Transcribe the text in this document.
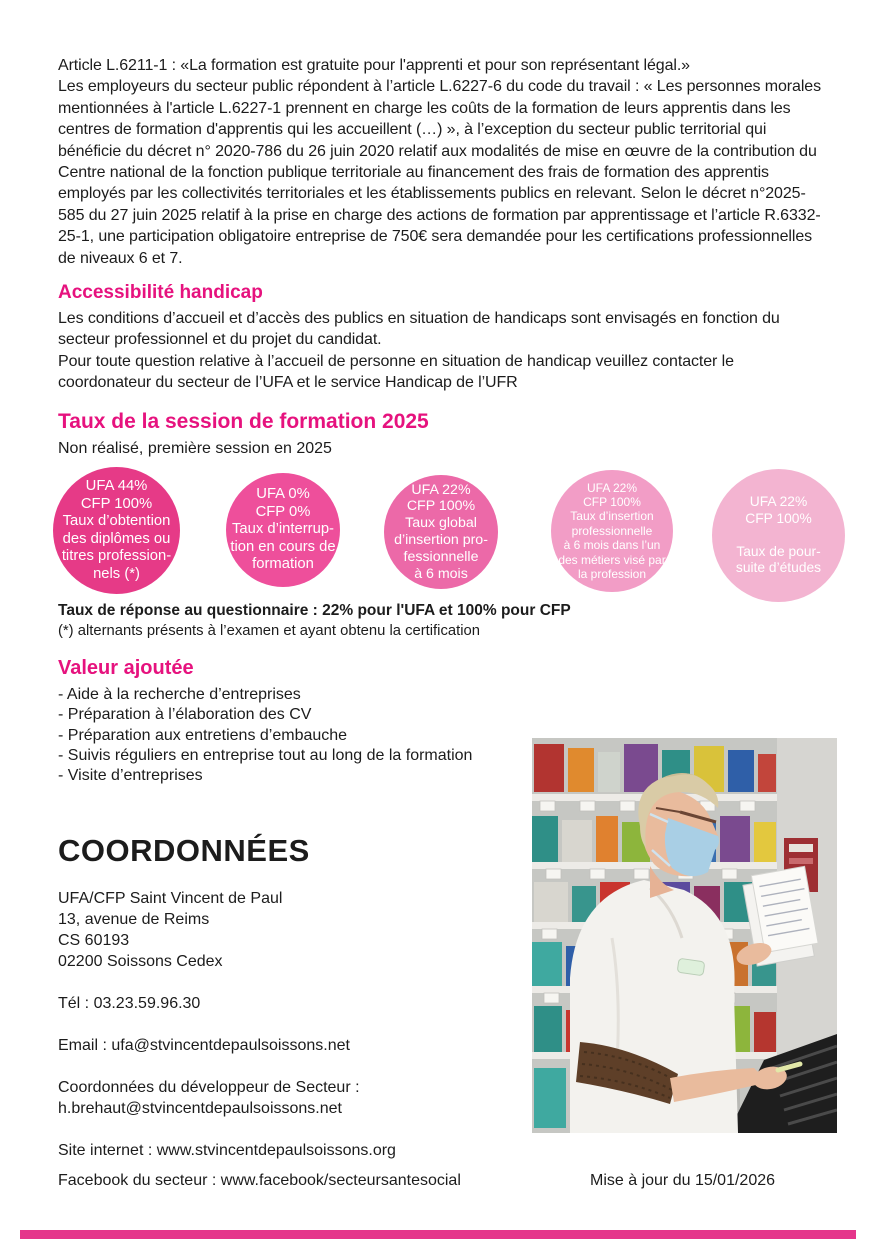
Article L.6211-1 : «La formation est gratuite pour l'apprenti et pour son représentant légal.»
Les employeurs du secteur public répondent à l’article L.6227-6 du code du travail : « Les personnes morales mentionnées à l'article L.6227-1 prennent en charge les coûts de la formation de leurs apprentis dans les centres de formation d'apprentis qui les accueillent (…) », à l’exception du secteur public territorial qui bénéficie du décret n° 2020-786 du 26 juin 2020 relatif aux modalités de mise en œuvre de la contribution du Centre national de la fonction publique territoriale au financement des frais de formation des apprentis employés par les collectivités territoriales et les établissements publics en relevant. Selon le décret n°2025-585 du 27 juin 2025 relatif à la prise en charge des actions de formation par apprentissage et l’article R.6332-25-1, une participation obligatoire entreprise de 750€ sera demandée pour les certifications professionnelles de niveaux 6 et 7.
Accessibilité handicap
Les conditions d’accueil et d’accès des publics en situation de handicaps sont envisagés en fonction du secteur professionnel et du projet du candidat.
Pour toute question relative à l’accueil de personne en situation de handicap veuillez contacter le coordonateur du secteur de l’UFA et le service Handicap de l’UFR
Taux de la session de formation 2025
Non réalisé, première session en 2025
UFA 44%
CFP 100%
Taux d’obtention
des diplômes ou
titres profession-
nels (*)
UFA 0%
CFP 0%
Taux d’interrup-
tion en cours de
formation
UFA 22%
CFP 100%
Taux global
d’insertion pro-
fessionnelle
à 6 mois
UFA 22%
CFP 100%
Taux d’insertion
professionnelle
à 6 mois dans l’un
des métiers visé par
la profession
UFA 22%
CFP 100%
Taux de pour-
suite d’études
Taux de réponse au questionnaire : 22% pour l'UFA et 100% pour CFP
(*) alternants présents à l’examen et ayant obtenu la certification
Valeur ajoutée
- Aide à la recherche d’entreprises
- Préparation à l’élaboration des CV
- Préparation aux entretiens d’embauche
- Suivis réguliers en entreprise tout au long de la formation
- Visite d’entreprises
COORDONNÉES
UFA/CFP Saint Vincent de Paul
13, avenue de Reims
CS 60193
02200 Soissons Cedex
Tél : 03.23.59.96.30
Email : ufa@stvincentdepaulsoissons.net
Coordonnées du développeur de Secteur :
h.brehaut@stvincentdepaulsoissons.net
Site internet : www.stvincentdepaulsoissons.org
Facebook du secteur : www.facebook/secteursantesocial	Mise à jour du 15/01/2026
